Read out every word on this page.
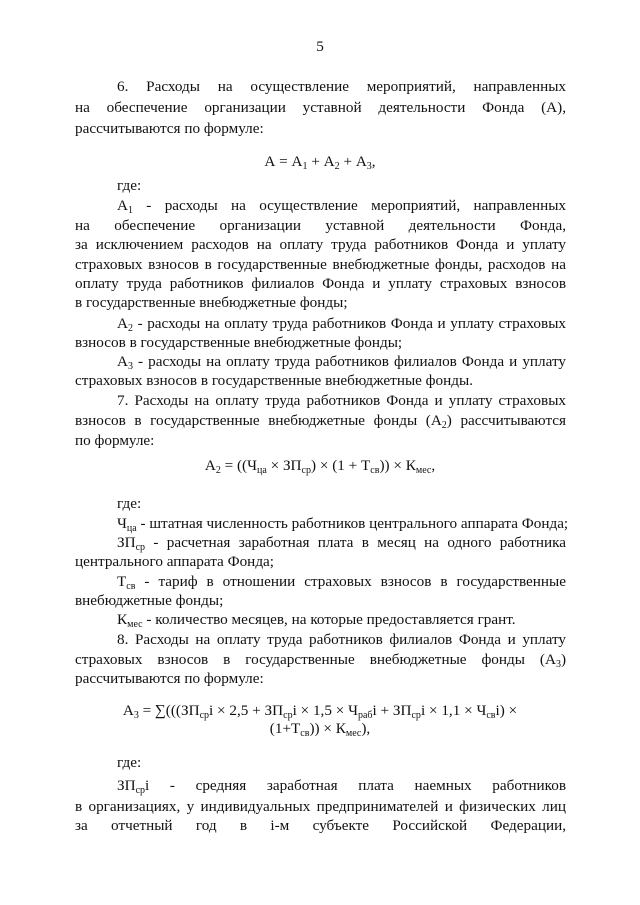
5
6. Расходы на осуществление мероприятий, направленных
на обеспечение организации уставной деятельности Фонда (А),
рассчитываются по формуле:
$А = А_1 + А_2 + А_3$,
где:
$А_1$ - расходы на осуществление мероприятий, направленных
на обеспечение организации уставной деятельности Фонда,
за исключением расходов на оплату труда работников Фонда и уплату
страховых взносов в государственные внебюджетные фонды, расходов на
оплату труда работников филиалов Фонда и уплату страховых взносов
в государственные внебюджетные фонды;
$А_2$ - расходы на оплату труда работников Фонда и уплату страховых
взносов в государственные внебюджетные фонды;
$А_3$ - расходы на оплату труда работников филиалов Фонда и уплату
страховых взносов в государственные внебюджетные фонды.
7. Расходы на оплату труда работников Фонда и уплату страховых
взносов в государственные внебюджетные фонды $(А_2)$ рассчитываются
по формуле:
$А_2 = ((Ч_{ца} \times ЗП_{ср}) \times (1 + Т_{св})) \times К_{мес}$,
где:
$Ч_{ца}$ - штатная численность работников центрального аппарата Фонда;
$ЗП_{ср}$ - расчетная заработная плата в месяц на одного работника
центрального аппарата Фонда;
$Т_{св}$ - тариф в отношении страховых взносов в государственные
внебюджетные фонды;
$К_{мес}$ - количество месяцев, на которые предоставляется грант.
8. Расходы на оплату труда работников филиалов Фонда и уплату
страховых взносов в государственные внебюджетные фонды $(А_3)$
рассчитываются по формуле:
$А_3 = \sum(((ЗП_{ср}i \times 2,5 + ЗП_{ср}i \times 1,5 \times Ч_{раб}i + ЗП_{ср}i \times 1,1 \times Ч_{св}i)$ ×
$(1+Т_{св})) \times К_{мес}$),
где:
$ЗП_{ср}i$ - средняя заработная плата наемных работников
в организациях, у индивидуальных предпринимателей и физических лиц
за отчетный год в i-м субъекте Российской Федерации,
